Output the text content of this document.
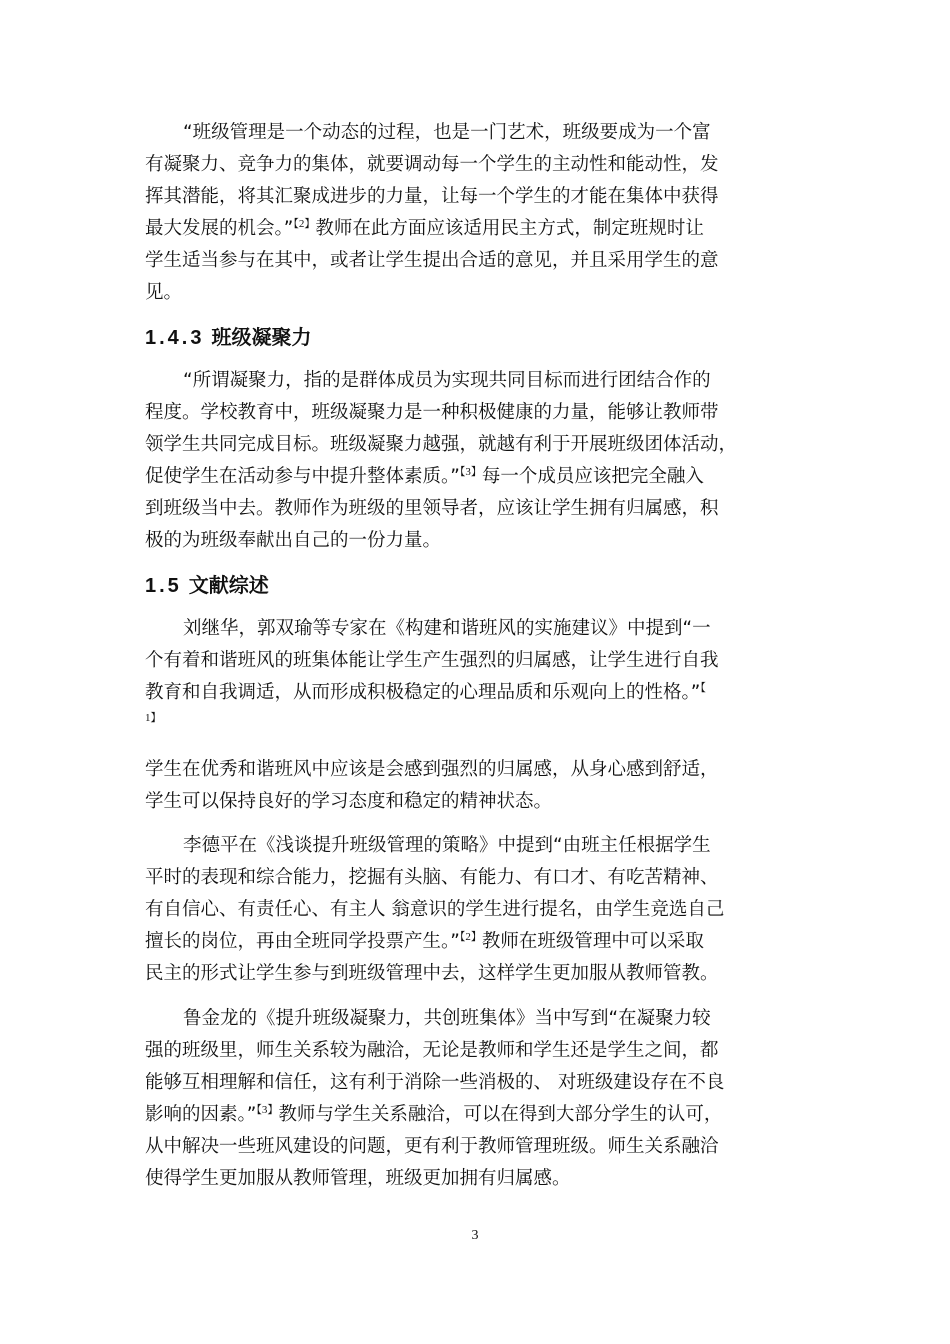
“班级管理是一个动态的过程，也是一门艺术，班级要成为一个富
有凝聚力、竞争力的集体，就要调动每一个学生的主动性和能动性，发
挥其潜能，将其汇聚成进步的力量，让每一个学生的才能在集体中获得
最大发展的机会。”$^{【2】}$教师在此方面应该适用民主方式，制定班规时让
学生适当参与在其中，或者让学生提出合适的意见，并且采用学生的意
见。
1.4.3 班级凝聚力
“所谓凝聚力，指的是群体成员为实现共同目标而进行团结合作的
程度。学校教育中，班级凝聚力是一种积极健康的力量，能够让教师带
领学生共同完成目标。班级凝聚力越强，就越有利于开展班级团体活动，
促使学生在活动参与中提升整体素质。”$^{【3】}$每一个成员应该把完全融入
到班级当中去。教师作为班级的里领导者，应该让学生拥有归属感，积
极的为班级奉献出自己的一份力量。
1.5 文献综述
刘继华，郭双瑜等专家在《构建和谐班风的实施建议》中提到“一
个有着和谐班风的班集体能让学生产生强烈的归属感，让学生进行自我
教育和自我调适，从而形成积极稳定的心理品质和乐观向上的性格。”【
1】
学生在优秀和谐班风中应该是会感到强烈的归属感，从身心感到舒适，
学生可以保持良好的学习态度和稳定的精神状态。
李德平在《浅谈提升班级管理的策略》中提到“由班主任根据学生
平时的表现和综合能力，挖掘有头脑、有能力、有口才、有吃苦精神、
有自信心、有责任心、有主人 翁意识的学生进行提名，由学生竞选自己
擅长的岗位，再由全班同学投票产生。”$^{【2】}$教师在班级管理中可以采取
民主的形式让学生参与到班级管理中去，这样学生更加服从教师管教。
鲁金龙的《提升班级凝聚力，共创班集体》当中写到“在凝聚力较
强的班级里，师生关系较为融洽，无论是教师和学生还是学生之间，都
能够互相理解和信任，这有利于消除一些消极的、 对班级建设存在不良
影响的因素。”$^{【3】}$教师与学生关系融洽，可以在得到大部分学生的认可，
从中解决一些班风建设的问题，更有利于教师管理班级。师生关系融洽
使得学生更加服从教师管理，班级更加拥有归属感。
3
